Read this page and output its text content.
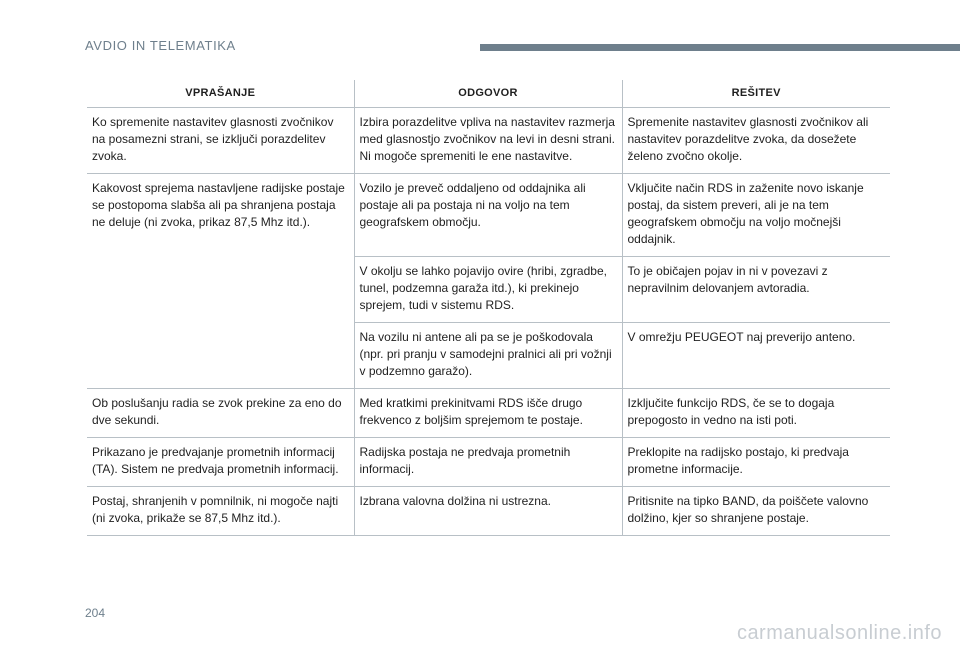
AVDIO IN TELEMATIKA
VPRAŠANJE	ODGOVOR	REŠITEV
Ko spremenite nastavitev glasnosti zvočnikov na posamezni strani, se izključi porazdelitev zvoka.	Izbira porazdelitve vpliva na nastavitev razmerja med glasnostjo zvočnikov na levi in desni strani. Ni mogoče spremeniti le ene nastavitve.	Spremenite nastavitev glasnosti zvočnikov ali nastavitev porazdelitve zvoka, da dosežete želeno zvočno okolje.
Kakovost sprejema nastavljene radijske postaje se postopoma slabša ali pa shranjena postaja ne deluje (ni zvoka, prikaz 87,5 Mhz itd.).	Vozilo je preveč oddaljeno od oddajnika ali postaje ali pa postaja ni na voljo na tem geografskem območju.	Vključite način RDS in zaženite novo iskanje postaj, da sistem preveri, ali je na tem geografskem območju na voljo močnejši oddajnik.
	V okolju se lahko pojavijo ovire (hribi, zgradbe, tunel, podzemna garaža itd.), ki prekinejo sprejem, tudi v sistemu RDS.	To je običajen pojav in ni v povezavi z nepravilnim delovanjem avtoradia.
	Na vozilu ni antene ali pa se je poškodovala (npr. pri pranju v samodejni pralnici ali pri vožnji v podzemno garažo).	V omrežju PEUGEOT naj preverijo anteno.
Ob poslušanju radia se zvok prekine za eno do dve sekundi.	Med kratkimi prekinitvami RDS išče drugo frekvenco z boljšim sprejemom te postaje.	Izključite funkcijo RDS, če se to dogaja prepogosto in vedno na isti poti.
Prikazano je predvajanje prometnih informacij (TA). Sistem ne predvaja prometnih informacij.	Radijska postaja ne predvaja prometnih informacij.	Preklopite na radijsko postajo, ki predvaja prometne informacije.
Postaj, shranjenih v pomnilnik, ni mogoče najti (ni zvoka, prikaže se 87,5 Mhz itd.).	Izbrana valovna dolžina ni ustrezna.	Pritisnite na tipko BAND, da poiščete valovno dolžino, kjer so shranjene postaje.
204
carmanualsonline.info
